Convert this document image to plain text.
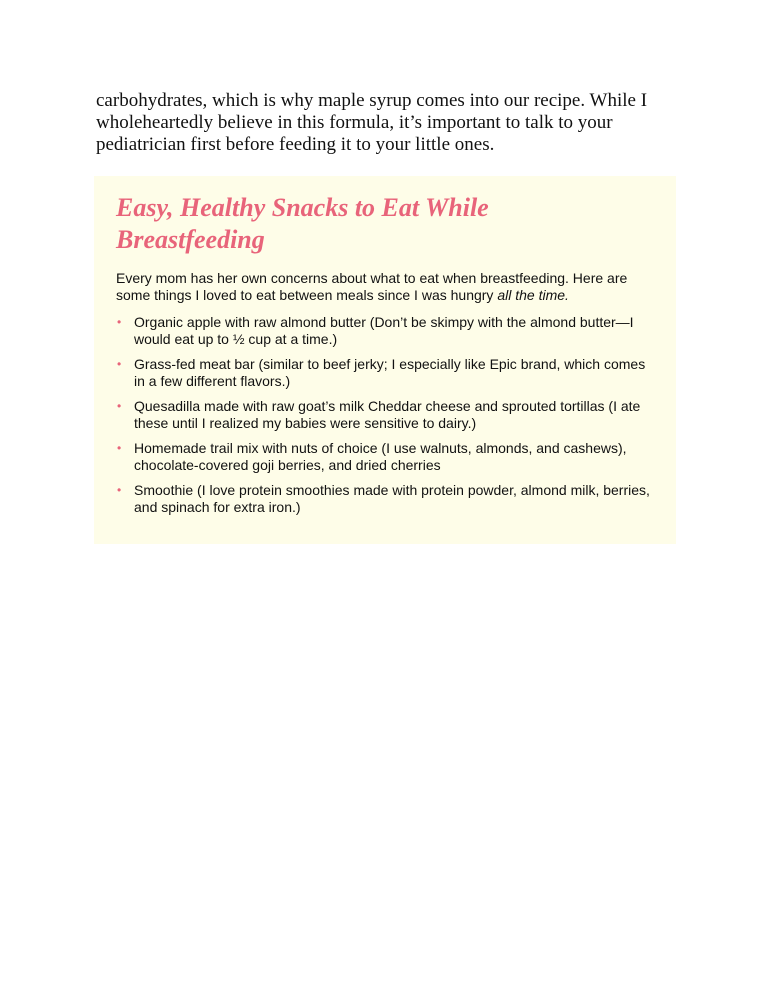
carbohydrates, which is why maple syrup comes into our recipe. While I wholeheartedly believe in this formula, it’s important to talk to your pediatrician first before feeding it to your little ones.

Easy, Healthy Snacks to Eat While Breastfeeding

Every mom has her own concerns about what to eat when breastfeeding. Here are some things I loved to eat between meals since I was hungry all the time.

• Organic apple with raw almond butter (Don’t be skimpy with the almond butter—I would eat up to ½ cup at a time.)
• Grass-fed meat bar (similar to beef jerky; I especially like Epic brand, which comes in a few different flavors.)
• Quesadilla made with raw goat’s milk Cheddar cheese and sprouted tortillas (I ate these until I realized my babies were sensitive to dairy.)
• Homemade trail mix with nuts of choice (I use walnuts, almonds, and cashews), chocolate-covered goji berries, and dried cherries
• Smoothie (I love protein smoothies made with protein powder, almond milk, berries, and spinach for extra iron.)
